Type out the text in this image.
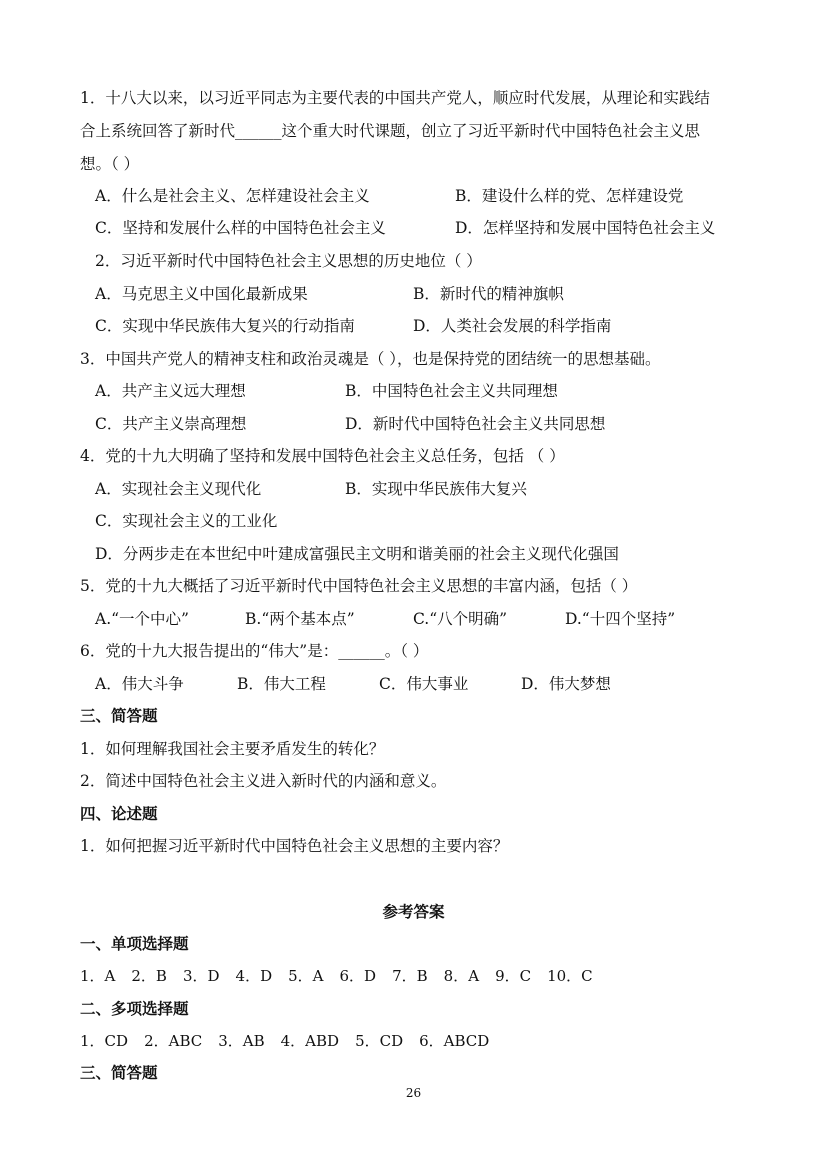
1．十八大以来，以习近平同志为主要代表的中国共产党人，顺应时代发展，从理论和实践结
合上系统回答了新时代______这个重大时代课题，创立了习近平新时代中国特色社会主义思
想。（ ）
A．什么是社会主义、怎样建设社会主义	B．建设什么样的党、怎样建设党
C．坚持和发展什么样的中国特色社会主义	D．怎样坚持和发展中国特色社会主义
2．习近平新时代中国特色社会主义思想的历史地位（ ）
A．马克思主义中国化最新成果	B．新时代的精神旗帜
C．实现中华民族伟大复兴的行动指南	D．人类社会发展的科学指南
3．中国共产党人的精神支柱和政治灵魂是（ ），也是保持党的团结统一的思想基础。
A．共产主义远大理想	B．中国特色社会主义共同理想
C．共产主义崇高理想	D．新时代中国特色社会主义共同思想
4．党的十九大明确了坚持和发展中国特色社会主义总任务，包括 （ ）
A．实现社会主义现代化	B．实现中华民族伟大复兴
C．实现社会主义的工业化
D．分两步走在本世纪中叶建成富强民主文明和谐美丽的社会主义现代化强国
5．党的十九大概括了习近平新时代中国特色社会主义思想的丰富内涵，包括（ ）
A.“一个中心”	B.“两个基本点”	C.“八个明确”	D.“十四个坚持”
6．党的十九大报告提出的“伟大”是：______。（ ）
A．伟大斗争	B．伟大工程	C．伟大事业	D．伟大梦想
三、简答题
1．如何理解我国社会主要矛盾发生的转化？
2．简述中国特色社会主义进入新时代的内涵和意义。
四、论述题
1．如何把握习近平新时代中国特色社会主义思想的主要内容？
参考答案
一、单项选择题
1．A 2．B 3．D 4．D 5．A 6．D 7．B 8．A 9．C 10．C
二、多项选择题
1．CD 2．ABC 3．AB 4．ABD 5．CD 6．ABCD
三、简答题
26
